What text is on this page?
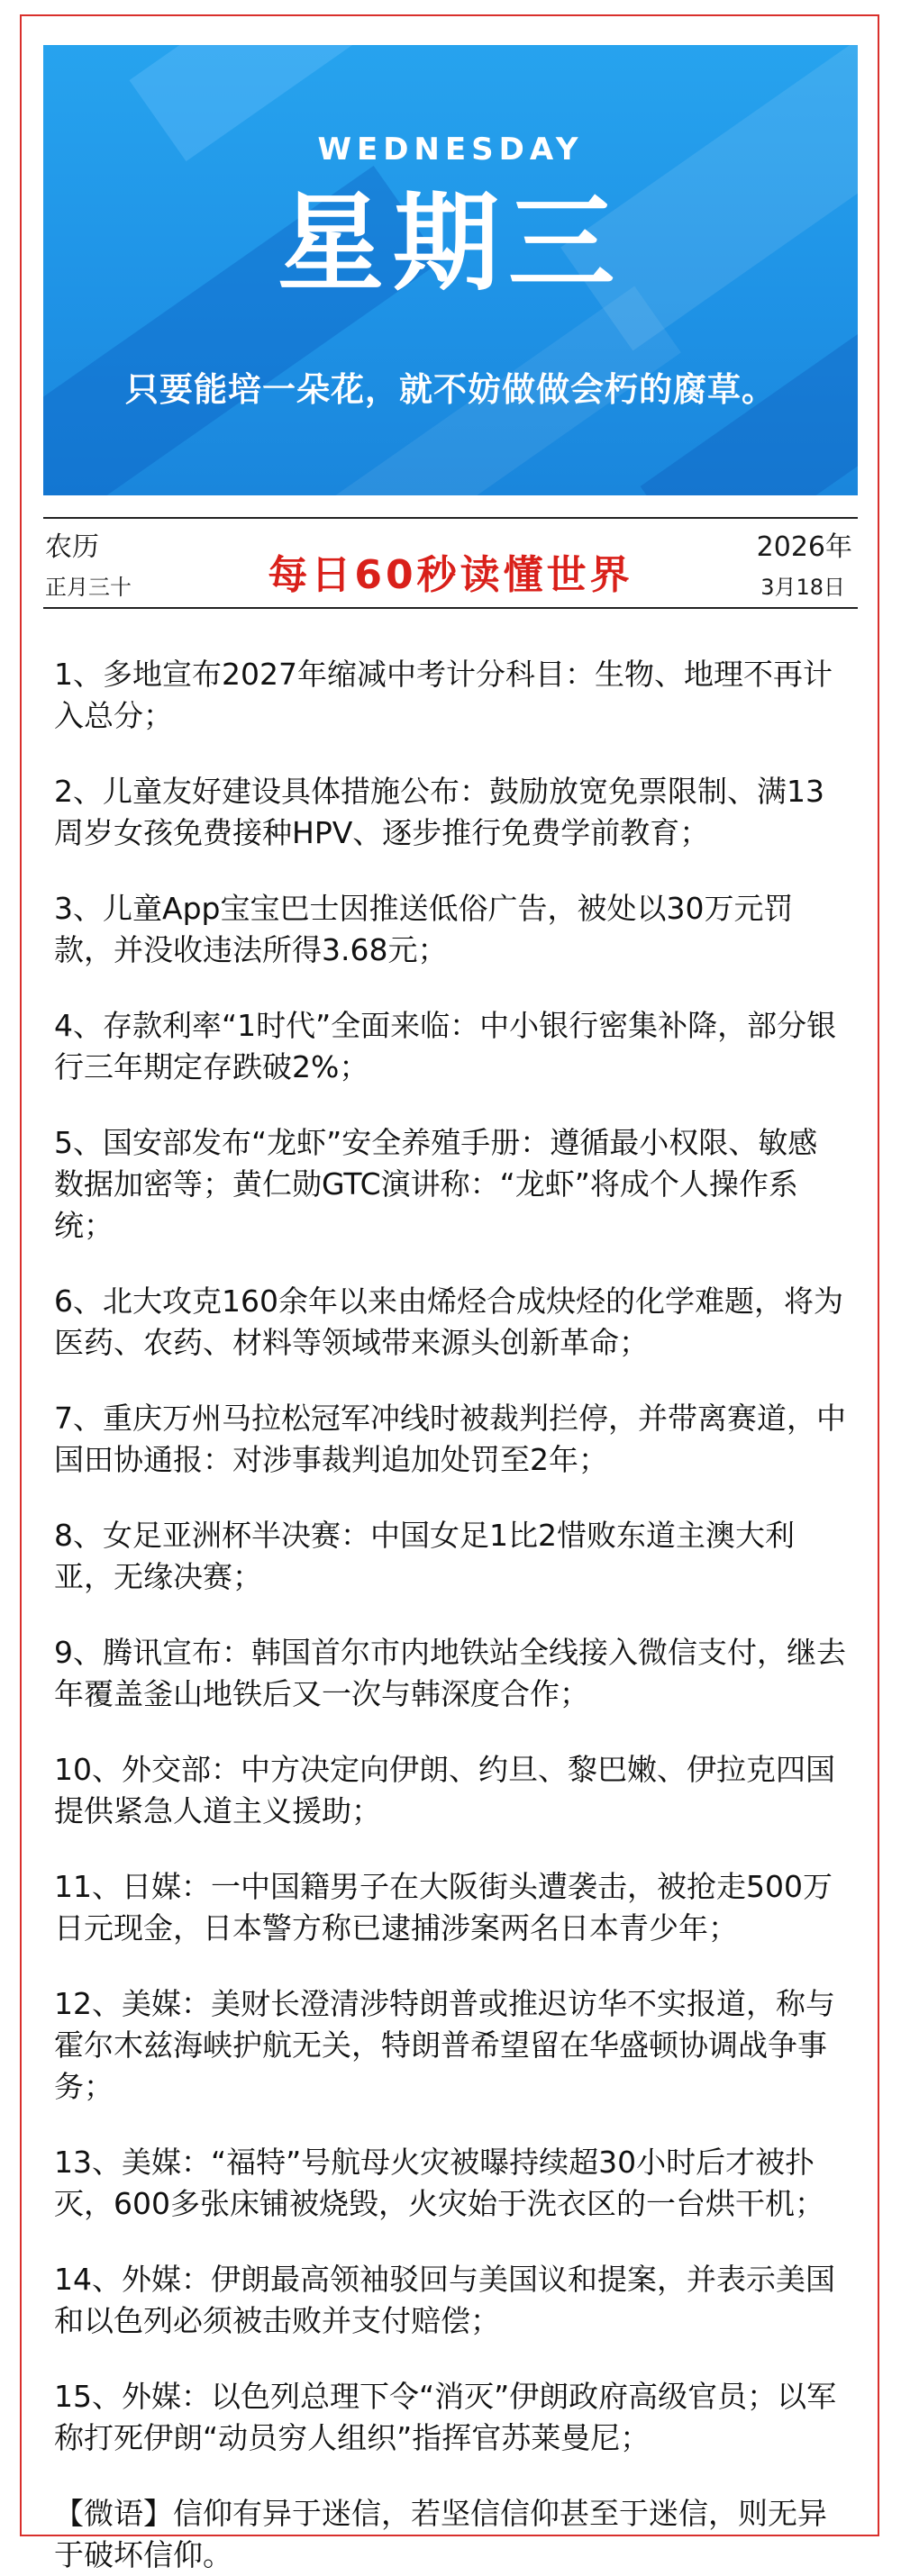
WEDNESDAY
星期三
只要能培一朵花，就不妨做做会朽的腐草。
农历
正月三十	每日60秒读懂世界
2026年
3月18日

1、多地宣布2027年缩减中考计分科目：生物、地理不再计入总分；

2、儿童友好建设具体措施公布：鼓励放宽免票限制、满13周岁女孩免费接种HPV、逐步推行免费学前教育；

3、儿童App宝宝巴士因推送低俗广告，被处以30万元罚款，并没收违法所得3.68元；

4、存款利率“1时代”全面来临：中小银行密集补降，部分银行三年期定存跌破2%；

5、国安部发布“龙虾”安全养殖手册：遵循最小权限、敏感数据加密等；黄仁勋GTC演讲称：“龙虾”将成个人操作系统；

6、北大攻克160余年以来由烯烃合成炔烃的化学难题，将为医药、农药、材料等领域带来源头创新革命；

7、重庆万州马拉松冠军冲线时被裁判拦停，并带离赛道，中国田协通报：对涉事裁判追加处罚至2年；

8、女足亚洲杯半决赛：中国女足1比2惜败东道主澳大利亚，无缘决赛；

9、腾讯宣布：韩国首尔市内地铁站全线接入微信支付，继去年覆盖釜山地铁后又一次与韩深度合作；

10、外交部：中方决定向伊朗、约旦、黎巴嫩、伊拉克四国提供紧急人道主义援助；

11、日媒：一中国籍男子在大阪街头遭袭击，被抢走500万日元现金，日本警方称已逮捕涉案两名日本青少年；

12、美媒：美财长澄清涉特朗普或推迟访华不实报道，称与霍尔木兹海峡护航无关，特朗普希望留在华盛顿协调战争事务；

13、美媒：“福特”号航母火灾被曝持续超30小时后才被扑灭，600多张床铺被烧毁，火灾始于洗衣区的一台烘干机；

14、外媒：伊朗最高领袖驳回与美国议和提案，并表示美国和以色列必须被击败并支付赔偿；

15、外媒：以色列总理下令“消灭”伊朗政府高级官员；以军称打死伊朗“动员穷人组织”指挥官苏莱曼尼；

【微语】信仰有异于迷信，若坚信信仰甚至于迷信，则无异于破坏信仰。
